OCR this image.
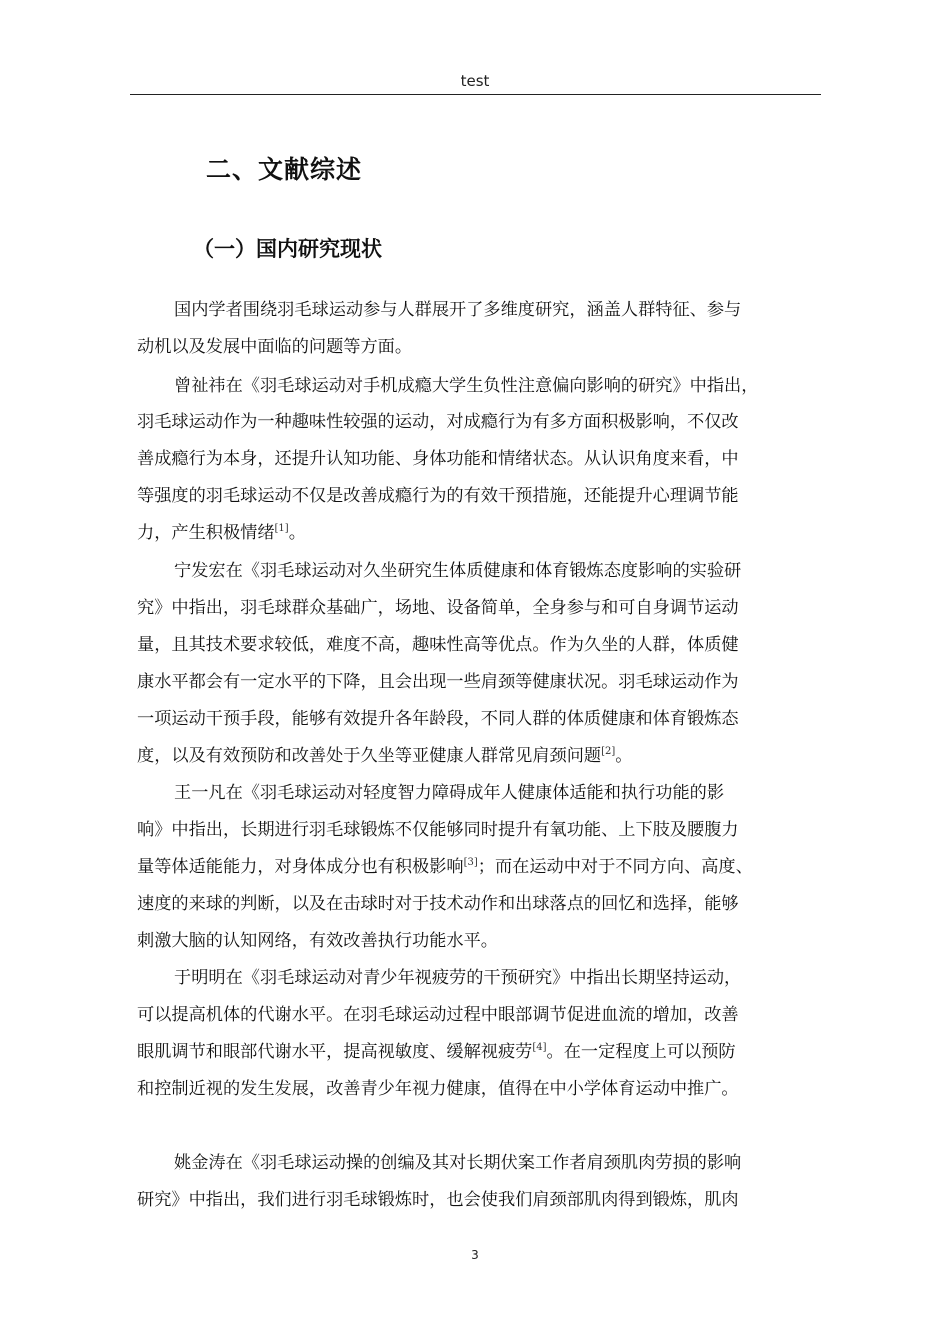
test
二、文献综述
（一）国内研究现状
国内学者围绕羽毛球运动参与人群展开了多维度研究，涵盖人群特征、参与
动机以及发展中面临的问题等方面。
曾祉祎在《羽毛球运动对手机成瘾大学生负性注意偏向影响的研究》中指出，
羽毛球运动作为一种趣味性较强的运动，对成瘾行为有多方面积极影响，不仅改
善成瘾行为本身，还提升认知功能、身体功能和情绪状态。从认识角度来看，中
等强度的羽毛球运动不仅是改善成瘾行为的有效干预措施，还能提升心理调节能
力，产生积极情绪[1]。
宁发宏在《羽毛球运动对久坐研究生体质健康和体育锻炼态度影响的实验研
究》中指出，羽毛球群众基础广，场地、设备简单，全身参与和可自身调节运动
量，且其技术要求较低，难度不高，趣味性高等优点。作为久坐的人群，体质健
康水平都会有一定水平的下降，且会出现一些肩颈等健康状况。羽毛球运动作为
一项运动干预手段，能够有效提升各年龄段，不同人群的体质健康和体育锻炼态
度，以及有效预防和改善处于久坐等亚健康人群常见肩颈问题[2]。
王一凡在《羽毛球运动对轻度智力障碍成年人健康体适能和执行功能的影
响》中指出，长期进行羽毛球锻炼不仅能够同时提升有氧功能、上下肢及腰腹力
量等体适能能力，对身体成分也有积极影响[3]；而在运动中对于不同方向、高度、
速度的来球的判断，以及在击球时对于技术动作和出球落点的回忆和选择，能够
刺激大脑的认知网络，有效改善执行功能水平。
于明明在《羽毛球运动对青少年视疲劳的干预研究》中指出长期坚持运动，
可以提高机体的代谢水平。在羽毛球运动过程中眼部调节促进血流的增加，改善
眼肌调节和眼部代谢水平，提高视敏度、缓解视疲劳[4]。在一定程度上可以预防
和控制近视的发生发展，改善青少年视力健康，值得在中小学体育运动中推广。
姚金涛在《羽毛球运动操的创编及其对长期伏案工作者肩颈肌肉劳损的影响
研究》中指出，我们进行羽毛球锻炼时，也会使我们肩颈部肌肉得到锻炼，肌肉
3
